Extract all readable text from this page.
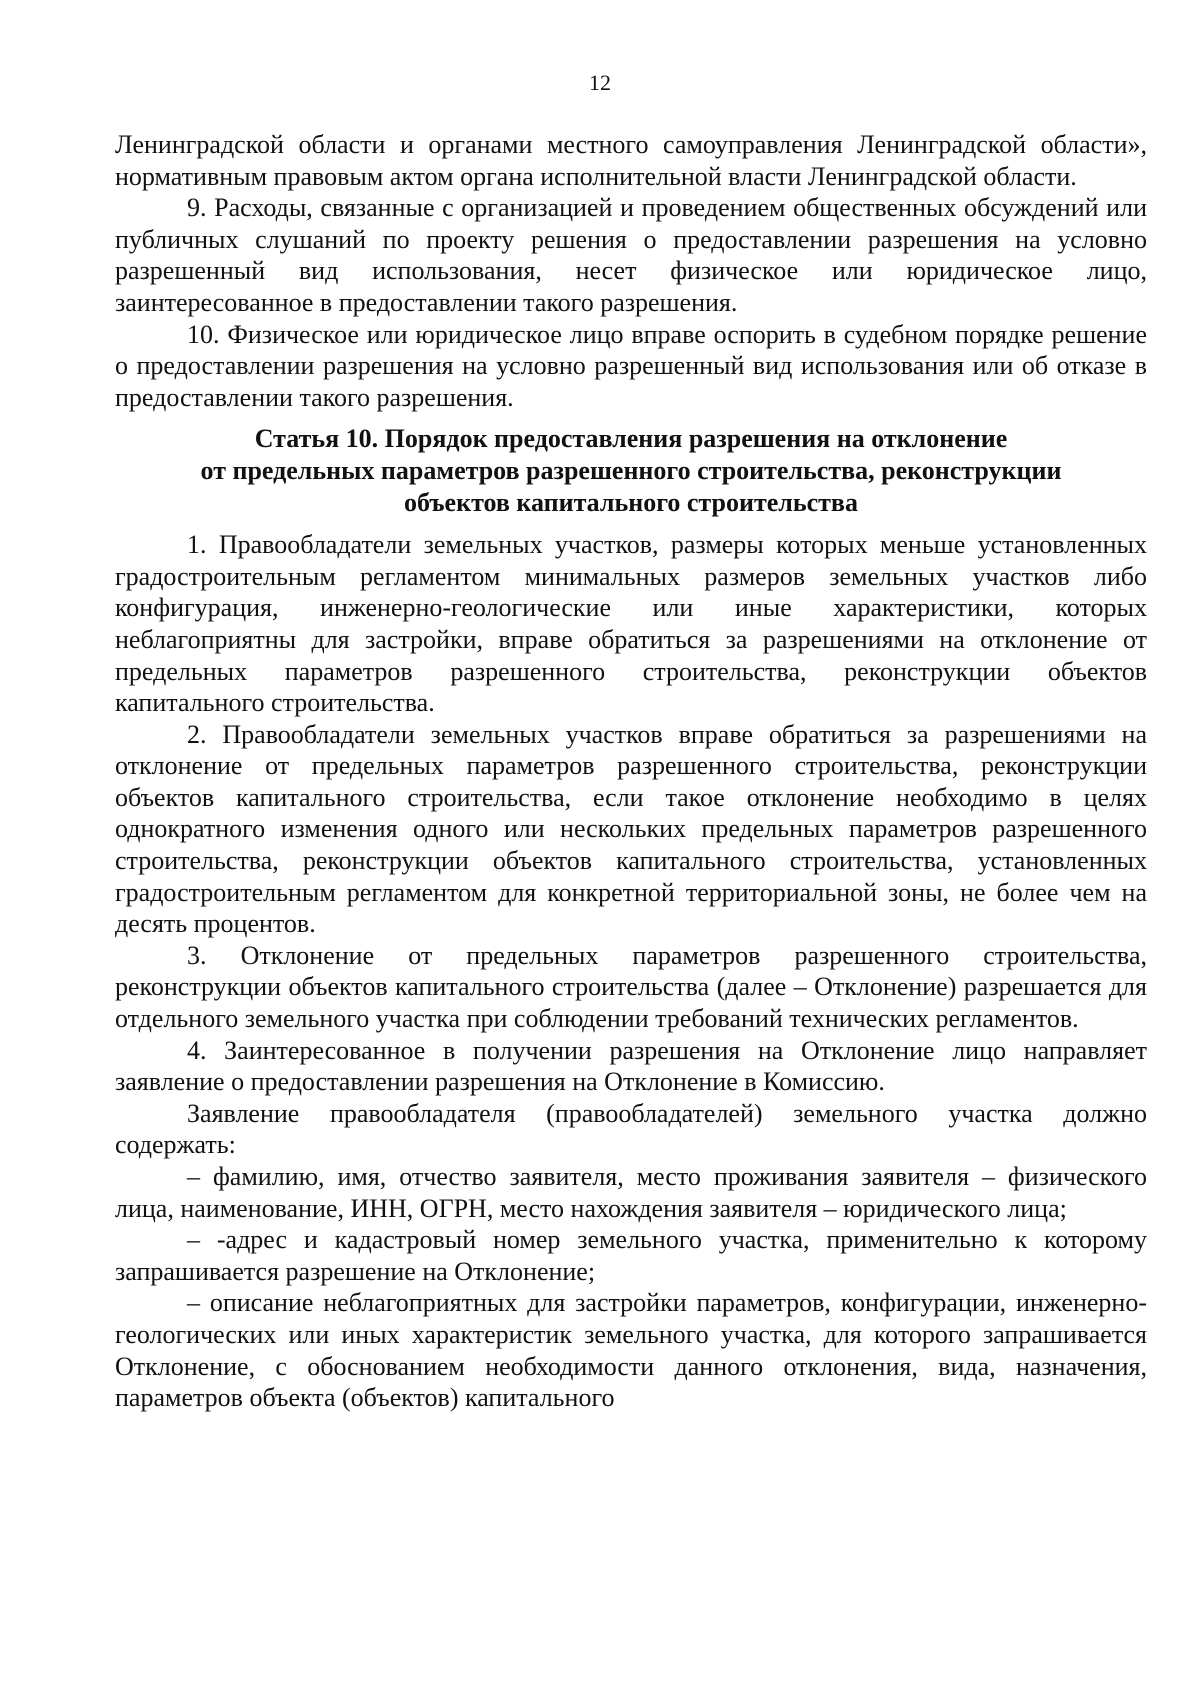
12

Ленинградской области и органами местного самоуправления Ленинградской области», нормативным правовым актом органа исполнительной власти Ленинградской области.

9. Расходы, связанные с организацией и проведением общественных обсуждений или публичных слушаний по проекту решения о предоставлении разрешения на условно разрешенный вид использования, несет физическое или юридическое лицо, заинтересованное в предоставлении такого разрешения.

10. Физическое или юридическое лицо вправе оспорить в судебном порядке решение о предоставлении разрешения на условно разрешенный вид использования или об отказе в предоставлении такого разрешения.

Статья 10. Порядок предоставления разрешения на отклонение
от предельных параметров разрешенного строительства, реконструкции
объектов капитального строительства

1. Правообладатели земельных участков, размеры которых меньше установленных градостроительным регламентом минимальных размеров земельных участков либо конфигурация, инженерно-геологические или иные характеристики, которых неблагоприятны для застройки, вправе обратиться за разрешениями на отклонение от предельных параметров разрешенного строительства, реконструкции объектов капитального строительства.

2. Правообладатели земельных участков вправе обратиться за разрешениями на отклонение от предельных параметров разрешенного строительства, реконструкции объектов капитального строительства, если такое отклонение необходимо в целях однократного изменения одного или нескольких предельных параметров разрешенного строительства, реконструкции объектов капитального строительства, установленных градостроительным регламентом для конкретной территориальной зоны, не более чем на десять процентов.

3. Отклонение от предельных параметров разрешенного строительства, реконструкции объектов капитального строительства (далее – Отклонение) разрешается для отдельного земельного участка при соблюдении требований технических регламентов.

4. Заинтересованное в получении разрешения на Отклонение лицо направляет заявление о предоставлении разрешения на Отклонение в Комиссию.

Заявление правообладателя (правообладателей) земельного участка должно содержать:

– фамилию, имя, отчество заявителя, место проживания заявителя – физического лица, наименование, ИНН, ОГРН, место нахождения заявителя – юридического лица;

– -адрес и кадастровый номер земельного участка, применительно к которому запрашивается разрешение на Отклонение;

– описание неблагоприятных для застройки параметров, конфигурации, инженерно-геологических или иных характеристик земельного участка, для которого запрашивается Отклонение, с обоснованием необходимости данного отклонения, вида, назначения, параметров объекта (объектов) капитального
